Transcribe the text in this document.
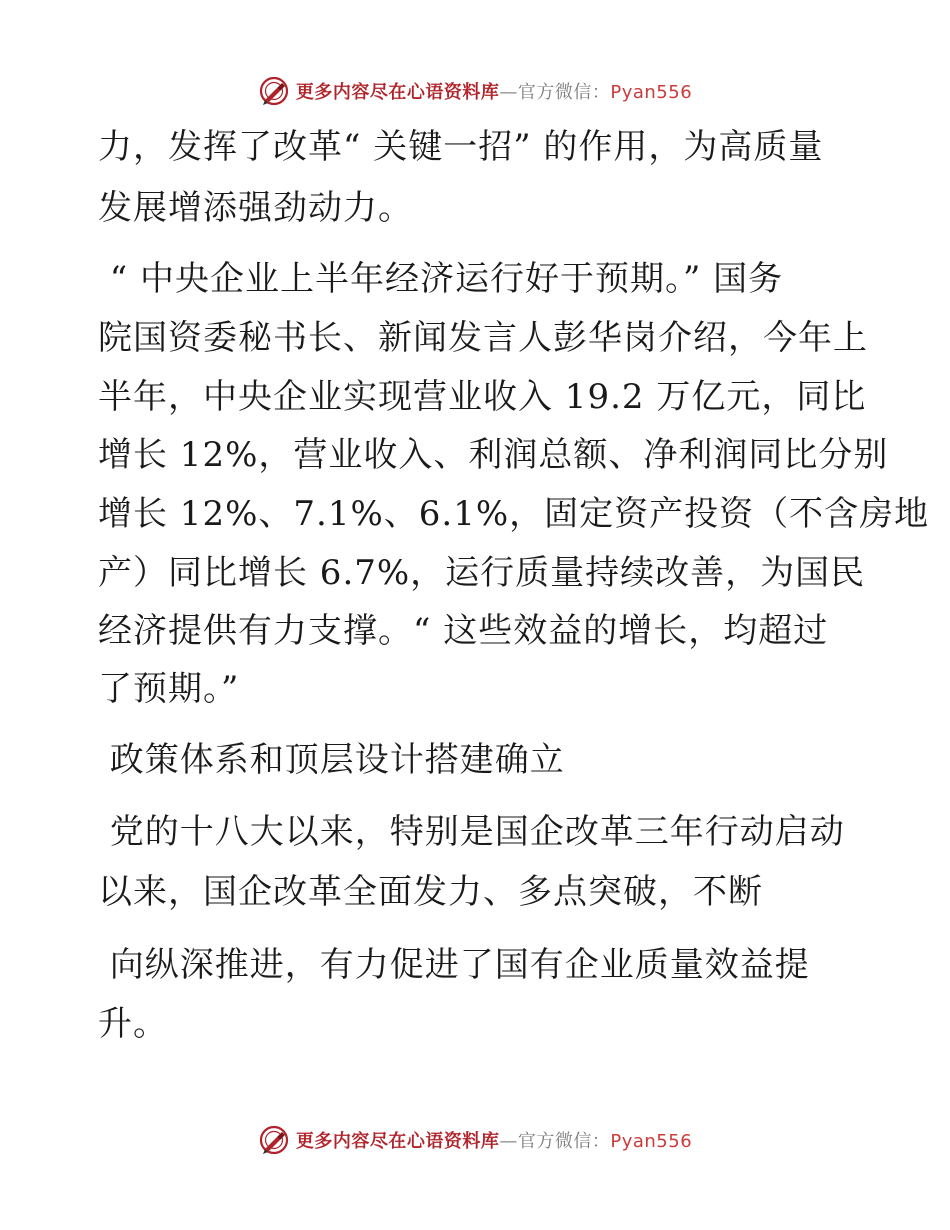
更多内容尽在心语资料库—官方微信：Pyan556
力，发挥了改革“ 关键一招” 的作用，为高质量
发展增添强劲动力。
“ 中央企业上半年经济运行好于预期。” 国务
院国资委秘书长、新闻发言人彭华岗介绍，今年上
半年，中央企业实现营业收入 19.2 万亿元，同比
增长 12%，营业收入、利润总额、净利润同比分别
增长 12%、7.1%、6.1%，固定资产投资（不含房地
产）同比增长 6.7%，运行质量持续改善，为国民
经济提供有力支撑。“ 这些效益的增长，均超过
了预期。”
政策体系和顶层设计搭建确立
党的十八大以来，特别是国企改革三年行动启动
以来，国企改革全面发力、多点突破，不断
向纵深推进，有力促进了国有企业质量效益提
升。
更多内容尽在心语资料库—官方微信：Pyan556
